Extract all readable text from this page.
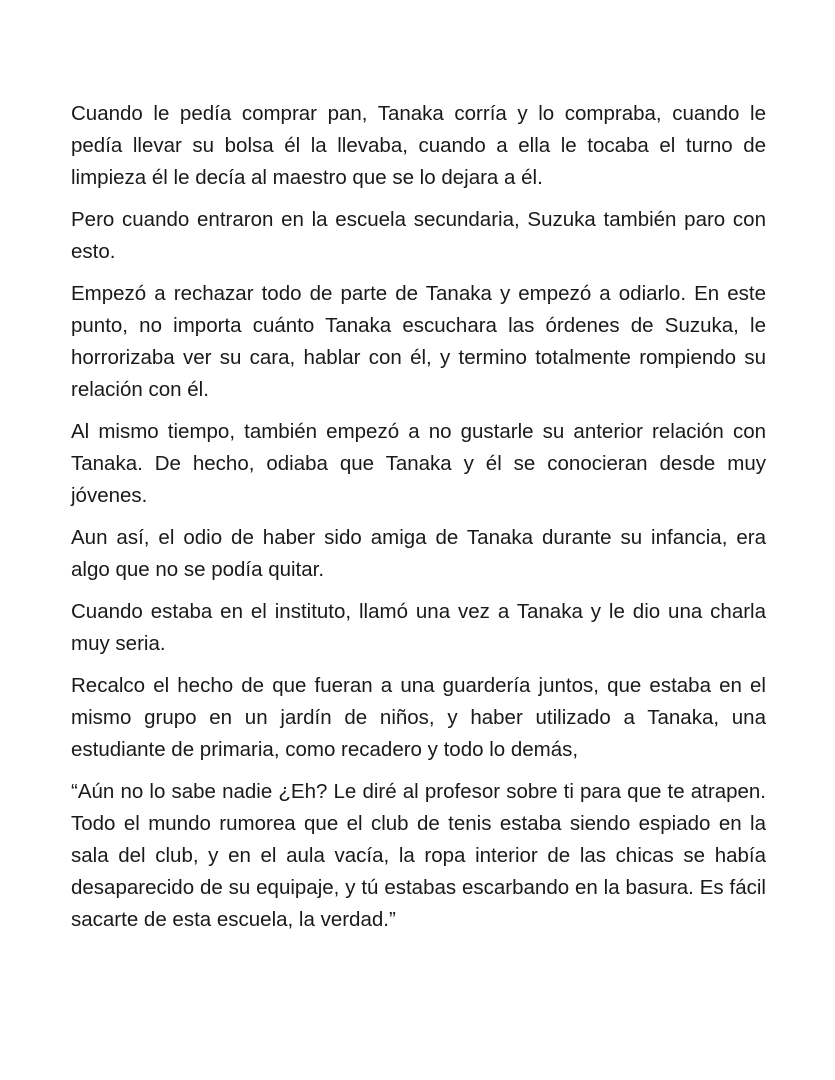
Cuando le pedía comprar pan, Tanaka corría y lo compraba, cuando le pedía llevar su bolsa él la llevaba, cuando a ella le tocaba el turno de limpieza él le decía al maestro que se lo dejara a él.

Pero cuando entraron en la escuela secundaria, Suzuka también paro con esto.

Empezó a rechazar todo de parte de Tanaka y empezó a odiarlo. En este punto, no importa cuánto Tanaka escuchara las órdenes de Suzuka, le horrorizaba ver su cara, hablar con él, y termino totalmente rompiendo su relación con él.

Al mismo tiempo, también empezó a no gustarle su anterior relación con Tanaka. De hecho, odiaba que Tanaka y él se conocieran desde muy jóvenes.

Aun así, el odio de haber sido amiga de Tanaka durante su infancia, era algo que no se podía quitar.

Cuando estaba en el instituto, llamó una vez a Tanaka y le dio una charla muy seria.

Recalco el hecho de que fueran a una guardería juntos, que estaba en el mismo grupo en un jardín de niños, y haber utilizado a Tanaka, una estudiante de primaria, como recadero y todo lo demás,

“Aún no lo sabe nadie ¿Eh? Le diré al profesor sobre ti para que te atrapen. Todo el mundo rumorea que el club de tenis estaba siendo espiado en la sala del club, y en el aula vacía, la ropa interior de las chicas se había desaparecido de su equipaje, y tú estabas escarbando en la basura. Es fácil sacarte de esta escuela, la verdad.”
